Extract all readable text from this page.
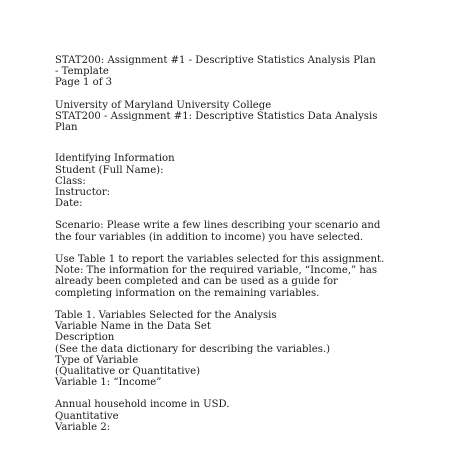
STAT200: Assignment #1 - Descriptive Statistics Analysis Plan
- Template
Page 1 of 3
University of Maryland University College
STAT200 - Assignment #1: Descriptive Statistics Data Analysis
Plan
Identifying Information
Student (Full Name):
Class:
Instructor:
Date:
Scenario: Please write a few lines describing your scenario and
the four variables (in addition to income) you have selected.
Use Table 1 to report the variables selected for this assignment.
Note: The information for the required variable, “Income,” has
already been completed and can be used as a guide for
completing information on the remaining variables.
Table 1. Variables Selected for the Analysis
Variable Name in the Data Set
Description
(See the data dictionary for describing the variables.)
Type of Variable
(Qualitative or Quantitative)
Variable 1: “Income”
Annual household income in USD.
Quantitative
Variable 2:
